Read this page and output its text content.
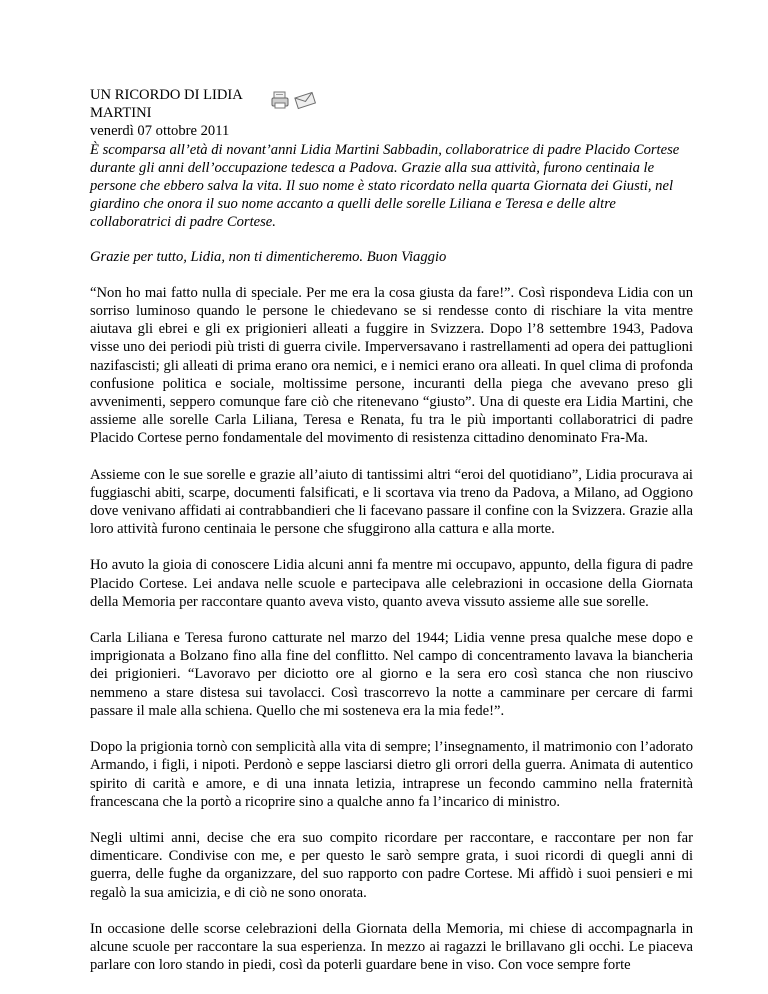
UN RICORDO DI LIDIA MARTINI
venerdì 07 ottobre 2011
È scomparsa all’età di novant’anni Lidia Martini Sabbadin, collaboratrice di padre Placido Cortese durante gli anni dell’occupazione tedesca a Padova. Grazie alla sua attività, furono centinaia le persone che ebbero salva la vita. Il suo nome è stato ricordato nella quarta Giornata dei Giusti, nel giardino che onora il suo nome accanto a quelli delle sorelle Liliana e Teresa e delle altre collaboratrici di padre Cortese.
Grazie per tutto, Lidia, non ti dimenticheremo. Buon Viaggio

“Non ho mai fatto nulla di speciale. Per me era la cosa giusta da fare!”. Così rispondeva Lidia con un sorriso luminoso quando le persone le chiedevano se si rendesse conto di rischiare la vita mentre aiutava gli ebrei e gli ex prigionieri alleati a fuggire in Svizzera. Dopo l’8 settembre 1943, Padova visse uno dei periodi più tristi di guerra civile. Imperversavano i rastrellamenti ad opera dei pattuglioni nazifascisti; gli alleati di prima erano ora nemici, e i nemici erano ora alleati. In quel clima di profonda confusione politica e sociale, moltissime persone, incuranti della piega che avevano preso gli avvenimenti, seppero comunque fare ciò che ritenevano “giusto”. Una di queste era Lidia Martini, che assieme alle sorelle Carla Liliana, Teresa e Renata, fu tra le più importanti collaboratrici di padre Placido Cortese perno fondamentale del movimento di resistenza cittadino denominato Fra-Ma.

Assieme con le sue sorelle e grazie all’aiuto di tantissimi altri “eroi del quotidiano”, Lidia procurava ai fuggiaschi abiti, scarpe, documenti falsificati, e li scortava via treno da Padova, a Milano, ad Oggiono dove venivano affidati ai contrabbandieri che li facevano passare il confine con la Svizzera. Grazie alla loro attività furono centinaia le persone che sfuggirono alla cattura e alla morte.

Ho avuto la gioia di conoscere Lidia alcuni anni fa mentre mi occupavo, appunto, della figura di padre Placido Cortese. Lei andava nelle scuole e partecipava alle celebrazioni in occasione della Giornata della Memoria per raccontare quanto aveva visto, quanto aveva vissuto assieme alle sue sorelle.

Carla Liliana e Teresa furono catturate nel marzo del 1944; Lidia venne presa qualche mese dopo e imprigionata a Bolzano fino alla fine del conflitto. Nel campo di concentramento lavava la biancheria dei prigionieri. “Lavoravo per diciotto ore al giorno e la sera ero così stanca che non riuscivo nemmeno a stare distesa sui tavolacci. Così trascorrevo la notte a camminare per cercare di farmi passare il male alla schiena. Quello che mi sosteneva era la mia fede!”.

Dopo la prigionia tornò con semplicità alla vita di sempre; l’insegnamento, il matrimonio con l’adorato Armando, i figli, i nipoti. Perdonò e seppe lasciarsi dietro gli orrori della guerra. Animata di autentico spirito di carità e amore, e di una innata letizia, intraprese un fecondo cammino nella fraternità francescana che la portò a ricoprire sino a qualche anno fa l’incarico di ministro.

Negli ultimi anni, decise che era suo compito ricordare per raccontare, e raccontare per non far dimenticare. Condivise con me, e per questo le sarò sempre grata, i suoi ricordi di quegli anni di guerra, delle fughe da organizzare, del suo rapporto con padre Cortese. Mi affidò i suoi pensieri e mi regalò la sua amicizia, e di ciò ne sono onorata.

In occasione delle scorse celebrazioni della Giornata della Memoria, mi chiese di accompagnarla in alcune scuole per raccontare la sua esperienza. In mezzo ai ragazzi le brillavano gli occhi. Le piaceva parlare con loro stando in piedi, così da poterli guardare bene in viso. Con voce sempre forte
